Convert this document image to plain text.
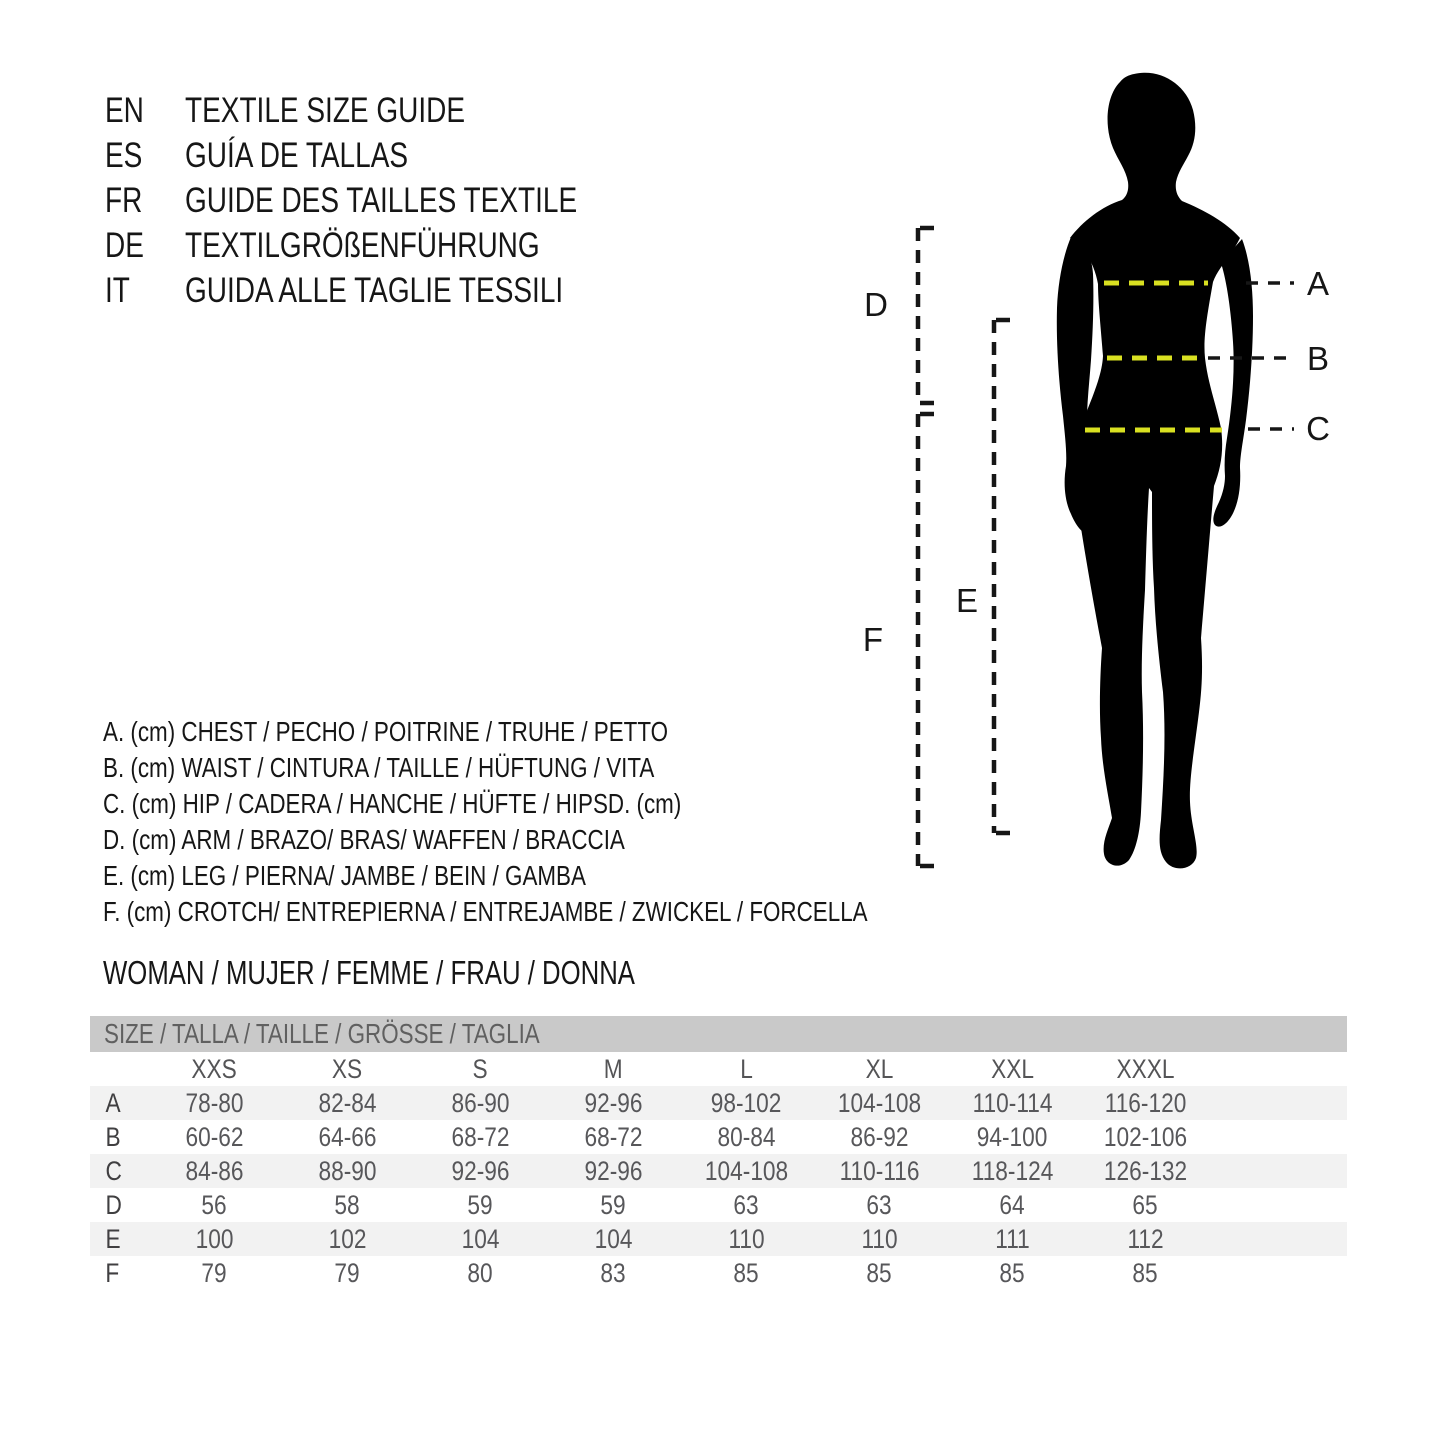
EN	TEXTILE SIZE GUIDE
ES	GUÍA DE TALLAS
FR	GUIDE DES TAILLES TEXTILE
DE	TEXTILGRÖßENFÜHRUNG
IT	GUIDA ALLE TAGLIE TESSILI	A
B
C
D
E
F
A. (cm) CHEST / PECHO / POITRINE / TRUHE / PETTO
B. (cm) WAIST / CINTURA / TAILLE / HÜFTUNG / VITA
C. (cm) HIP / CADERA / HANCHE / HÜFTE / HIPSD. (cm)
D. (cm) ARM / BRAZO/ BRAS/ WAFFEN / BRACCIA
E. (cm) LEG / PIERNA/ JAMBE / BEIN / GAMBA
F. (cm) CROTCH/ ENTREPIERNA / ENTREJAMBE / ZWICKEL / FORCELLA
WOMAN / MUJER / FEMME / FRAU / DONNA
SIZE / TALLA / TAILLE / GRÖSSE / TAGLIA
XXS	XS	S	M	L	XL	XXL	XXXL
A 78-80	82-84	86-90	92-96	98-102 104-108 110-114 116-120
B 60-62	64-66	68-72	68-72	80-84	86-92	94-100 102-106
C 84-86	88-90	92-96	92-96 104-108 110-116 118-124 126-132
D	56	58	59	59	63	63	64	65
E	100	102	104	104	110	110	111	112
F	79	79	80	83	85	85	85	85
